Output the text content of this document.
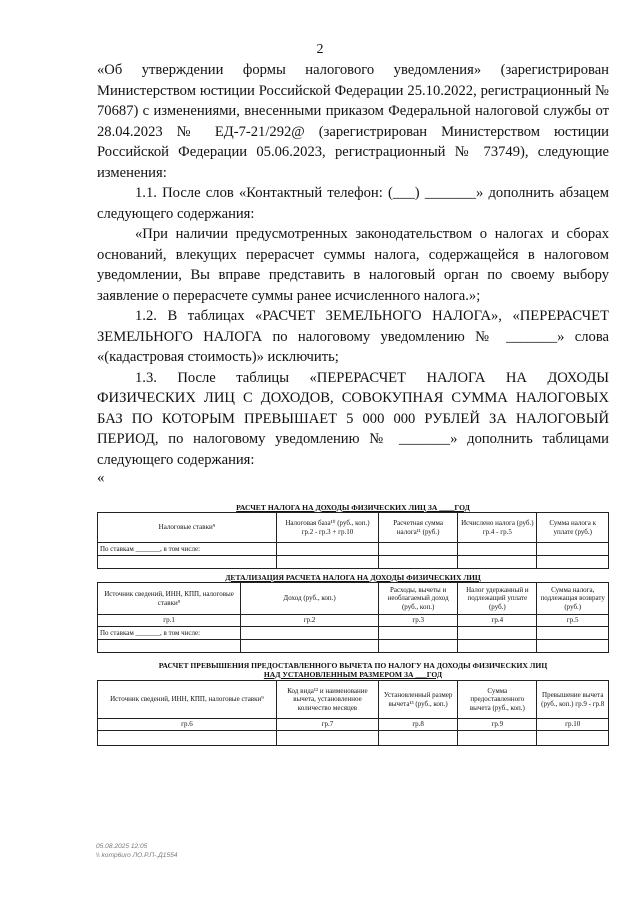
2

«Об утверждении формы налогового уведомления» (зарегистрирован Министерством юстиции Российской Федерации 25.10.2022, регистрационный № 70687) с изменениями, внесенными приказом Федеральной налоговой службы от 28.04.2023 № ЕД-7-21/292@ (зарегистрирован Министерством юстиции Российской Федерации 05.06.2023, регистрационный № 73749), следующие изменения:

1.1. После слов «Контактный телефон: (___) _______» дополнить абзацем следующего содержания:

«При наличии предусмотренных законодательством о налогах и сборах оснований, влекущих перерасчет суммы налога, содержащейся в налоговом уведомлении, Вы вправе представить в налоговый орган по своему выбору заявление о перерасчете суммы ранее исчисленного налога.»;

1.2. В таблицах «РАСЧЕТ ЗЕМЕЛЬНОГО НАЛОГА», «ПЕРЕРАСЧЕТ ЗЕМЕЛЬНОГО НАЛОГА по налоговому уведомлению № _______» слова «(кадастровая стоимость)» исключить;

1.3. После таблицы «ПЕРЕРАСЧЕТ НАЛОГА НА ДОХОДЫ ФИЗИЧЕСКИХ ЛИЦ С ДОХОДОВ, СОВОКУПНАЯ СУММА НАЛОГОВЫХ БАЗ ПО КОТОРЫМ ПРЕВЫШАЕТ 5 000 000 РУБЛЕЙ ЗА НАЛОГОВЫЙ ПЕРИОД, по налоговому уведомлению № _______» дополнить таблицами следующего содержания:

«
РАСЧЕТ НАЛОГА НА ДОХОДЫ ФИЗИЧЕСКИХ ЛИЦ ЗА ____ГОД
Налоговые ставки⁹	Налоговая база¹⁰ (руб., коп.) гр.2 - гр.3 + гр.10	Расчетная сумма налога¹¹ (руб.)	Исчислено налога (руб.) гр.4 - гр.5	Сумма налога к уплате (руб.)
По ставкам _______, в том числе:				

ДЕТАЛИЗАЦИЯ РАСЧЕТА НАЛОГА НА ДОХОДЫ ФИЗИЧЕСКИХ ЛИЦ
Источник сведений, ИНН, КПП, налоговые ставки⁹	Доход (руб., коп.)	Расходы, вычеты и необлагаемый доход (руб., коп.)	Налог удержанный и подлежащий уплате (руб.)	Сумма налога, подлежащая возврату (руб.)
гр.1	гр.2	гр.3	гр.4	гр.5
По ставкам _______, в том числе:				

РАСЧЕТ ПРЕВЫШЕНИЯ ПРЕДОСТАВЛЕННОГО ВЫЧЕТА ПО НАЛОГУ НА ДОХОДЫ ФИЗИЧЕСКИХ ЛИЦ
НАД УСТАНОВЛЕННЫМ РАЗМЕРОМ ЗА ___ГОД
Источник сведений, ИНН, КПП, налоговые ставки⁹	Код вида¹² и наименование вычета, установленное количество месяцев	Установленный размер вычета¹³ (руб., коп.)	Сумма предоставленного вычета (руб., коп.)	Превышение вычета (руб., коп.) гр.9 - гр.8
гр.6	гр.7	гр.8	гр.9	гр.10

05.08.2025 12:05
\\ komp6uro ЛО.Р.П-.Д1554
